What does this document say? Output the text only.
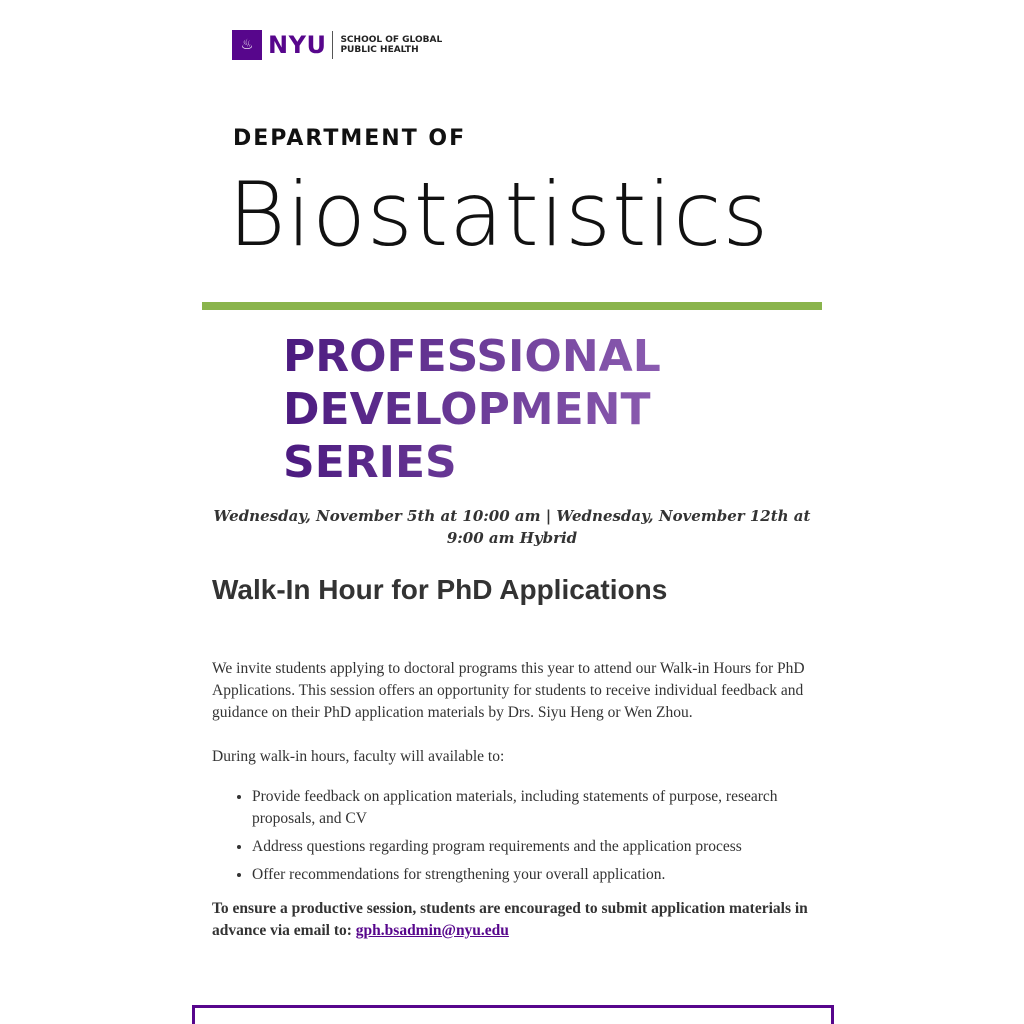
♨ NYU SCHOOL OF GLOBAL
PUBLIC HEALTH
DEPARTMENT OF
Biostatistics
PROFESSIONAL
DEVELOPMENT
SERIES
Wednesday, November 5th at 10:00 am | Wednesday, November 12th at 9:00 am Hybrid
Walk-In Hour for PhD Applications

We invite students applying to doctoral programs this year to attend our Walk-in Hours for PhD Applications. This session offers an opportunity for students to receive individual feedback and guidance on their PhD application materials by Drs. Siyu Heng or Wen Zhou.

During walk-in hours, faculty will available to:

• Provide feedback on application materials, including statements of purpose, research proposals, and CV
• Address questions regarding program requirements and the application process
• Offer recommendations for strengthening your overall application.

To ensure a productive session, students are encouraged to submit application materials in advance via email to: gph.bsadmin@nyu.edu
